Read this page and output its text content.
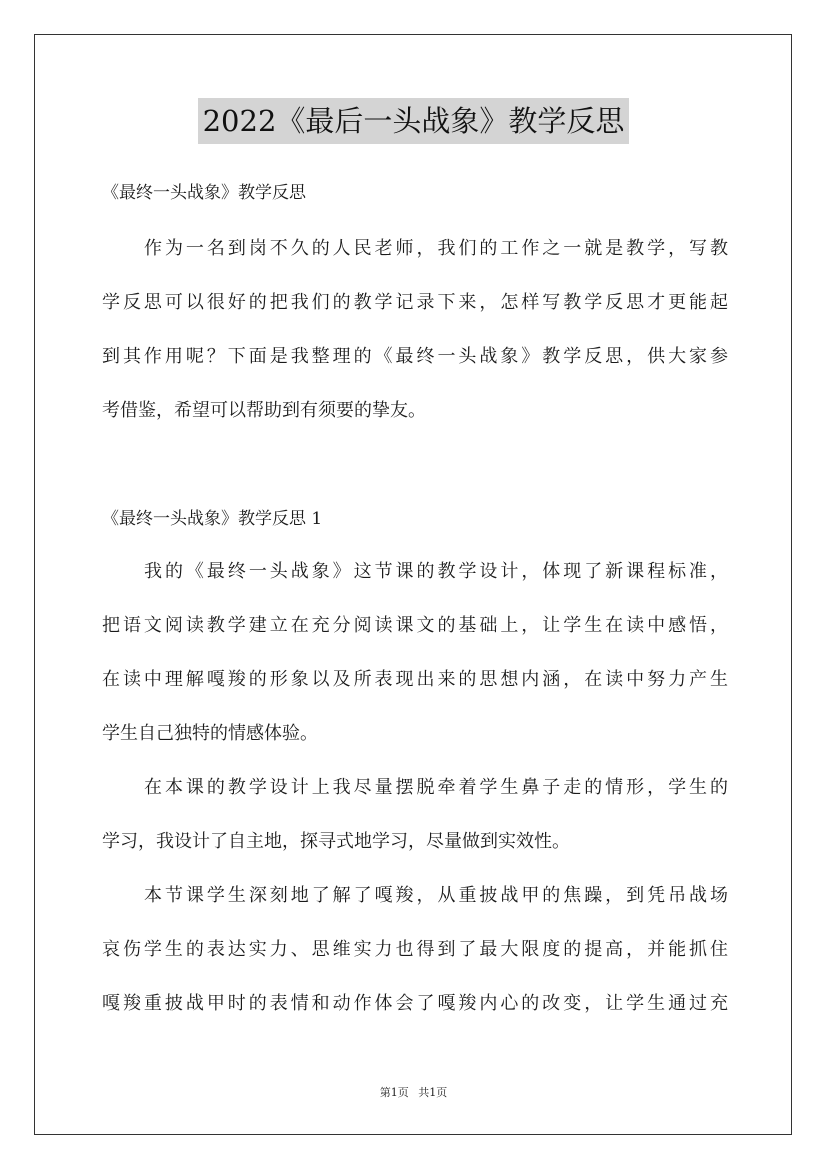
2022《最后一头战象》教学反思
《最终一头战象》教学反思
作为一名到岗不久的人民老师，我们的工作之一就是教学，写教
学反思可以很好的把我们的教学记录下来，怎样写教学反思才更能起
到其作用呢？下面是我整理的《最终一头战象》教学反思，供大家参
考借鉴，希望可以帮助到有须要的挚友。
《最终一头战象》教学反思 1
我的《最终一头战象》这节课的教学设计，体现了新课程标准，
把语文阅读教学建立在充分阅读课文的基础上，让学生在读中感悟，
在读中理解嘎羧的形象以及所表现出来的思想内涵，在读中努力产生
学生自己独特的情感体验。
在本课的教学设计上我尽量摆脱牵着学生鼻子走的情形，学生的
学习，我设计了自主地，探寻式地学习，尽量做到实效性。
本节课学生深刻地了解了嘎羧，从重披战甲的焦躁，到凭吊战场
哀伤学生的表达实力、思维实力也得到了最大限度的提高，并能抓住
嘎羧重披战甲时的表情和动作体会了嘎羧内心的改变，让学生通过充
第1页 共1页
